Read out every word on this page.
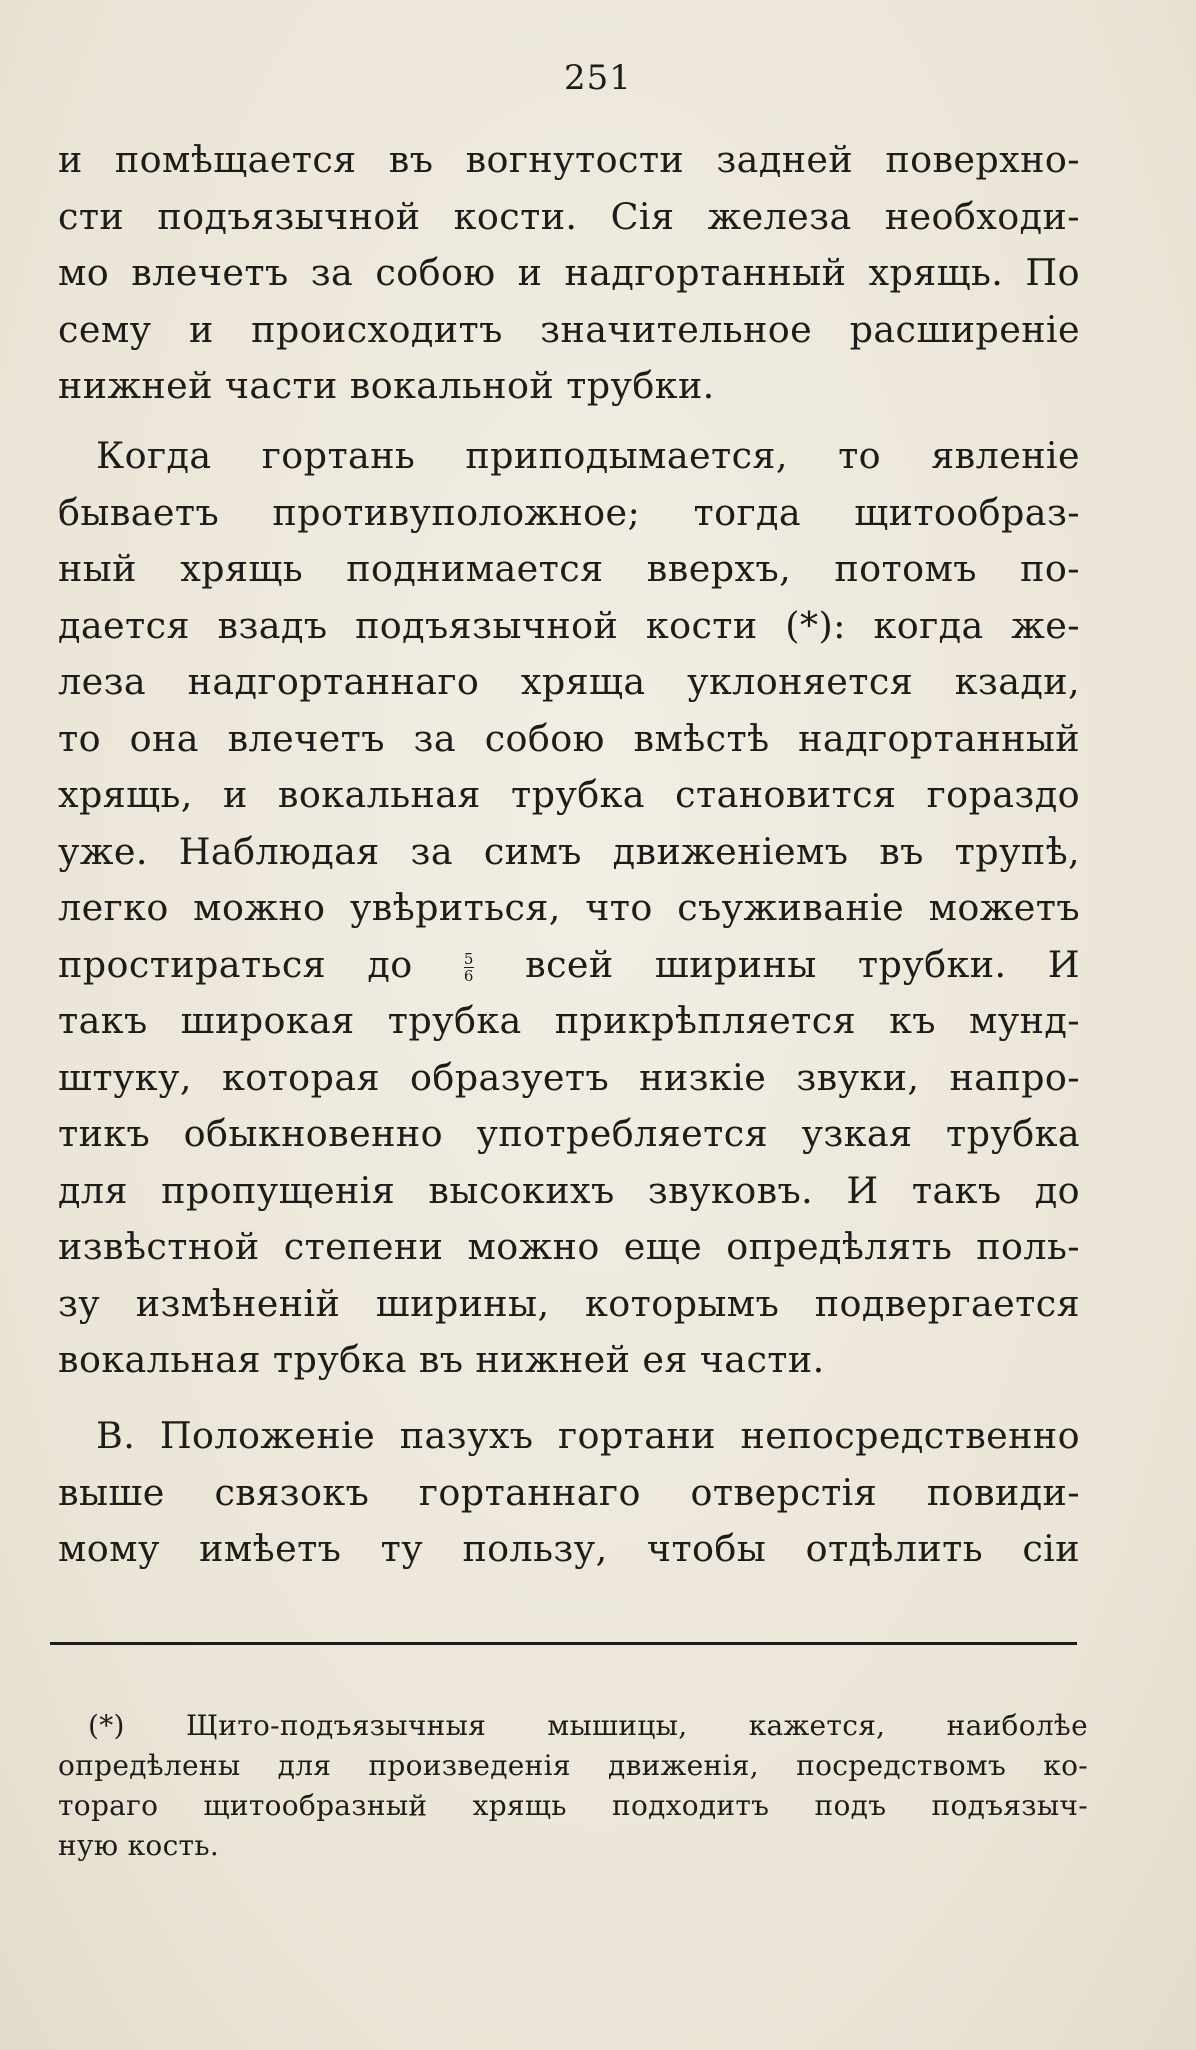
251
и помѣщается въ вогнутости задней поверхно-
сти подъязычной кости. Сія железа необходи-
мо влечетъ за собою и надгортанный хрящь. По
сему и происходитъ значительное расширеніе
нижней части вокальной трубки.
Когда гортань приподымается, то явленіе
бываетъ противуположное; тогда щитообраз-
ный хрящь поднимается вверхъ, потомъ по-
дается взадъ подъязычной кости (*): когда же-
леза надгортаннаго хряща уклоняется кзади,
то она влечетъ за собою вмѣстѣ надгортанный
хрящь, и вокальная трубка становится гораздо
уже. Наблюдая за симъ движеніемъ въ трупѣ,
легко можно увѣриться, что съуживаніе можетъ
простираться до	$\frac{5}{6}$ всей ширины трубки. И
такъ широкая трубка прикрѣпляется къ мунд-
штуку, которая образуетъ низкіе звуки, напро-
тикъ обыкновенно употребляется узкая трубка
для пропущенія высокихъ звуковъ. И такъ до
извѣстной степени можно еще опредѣлять поль-
зу измѣненій ширины, которымъ подвергается
вокальная трубка въ нижней ея части.
В. Положеніе пазухъ гортани непосредственно
выше связокъ гортаннаго отверстія повиди-
мому имѣетъ ту пользу, чтобы отдѣлить сіи
(*) Щито-подъязычныя мышицы, кажется, наиболѣе
опредѣлены для произведенія движенія, посредствомъ ко-
тораго щитообразный хрящь подходитъ подъ подъязыч-
ную кость.
